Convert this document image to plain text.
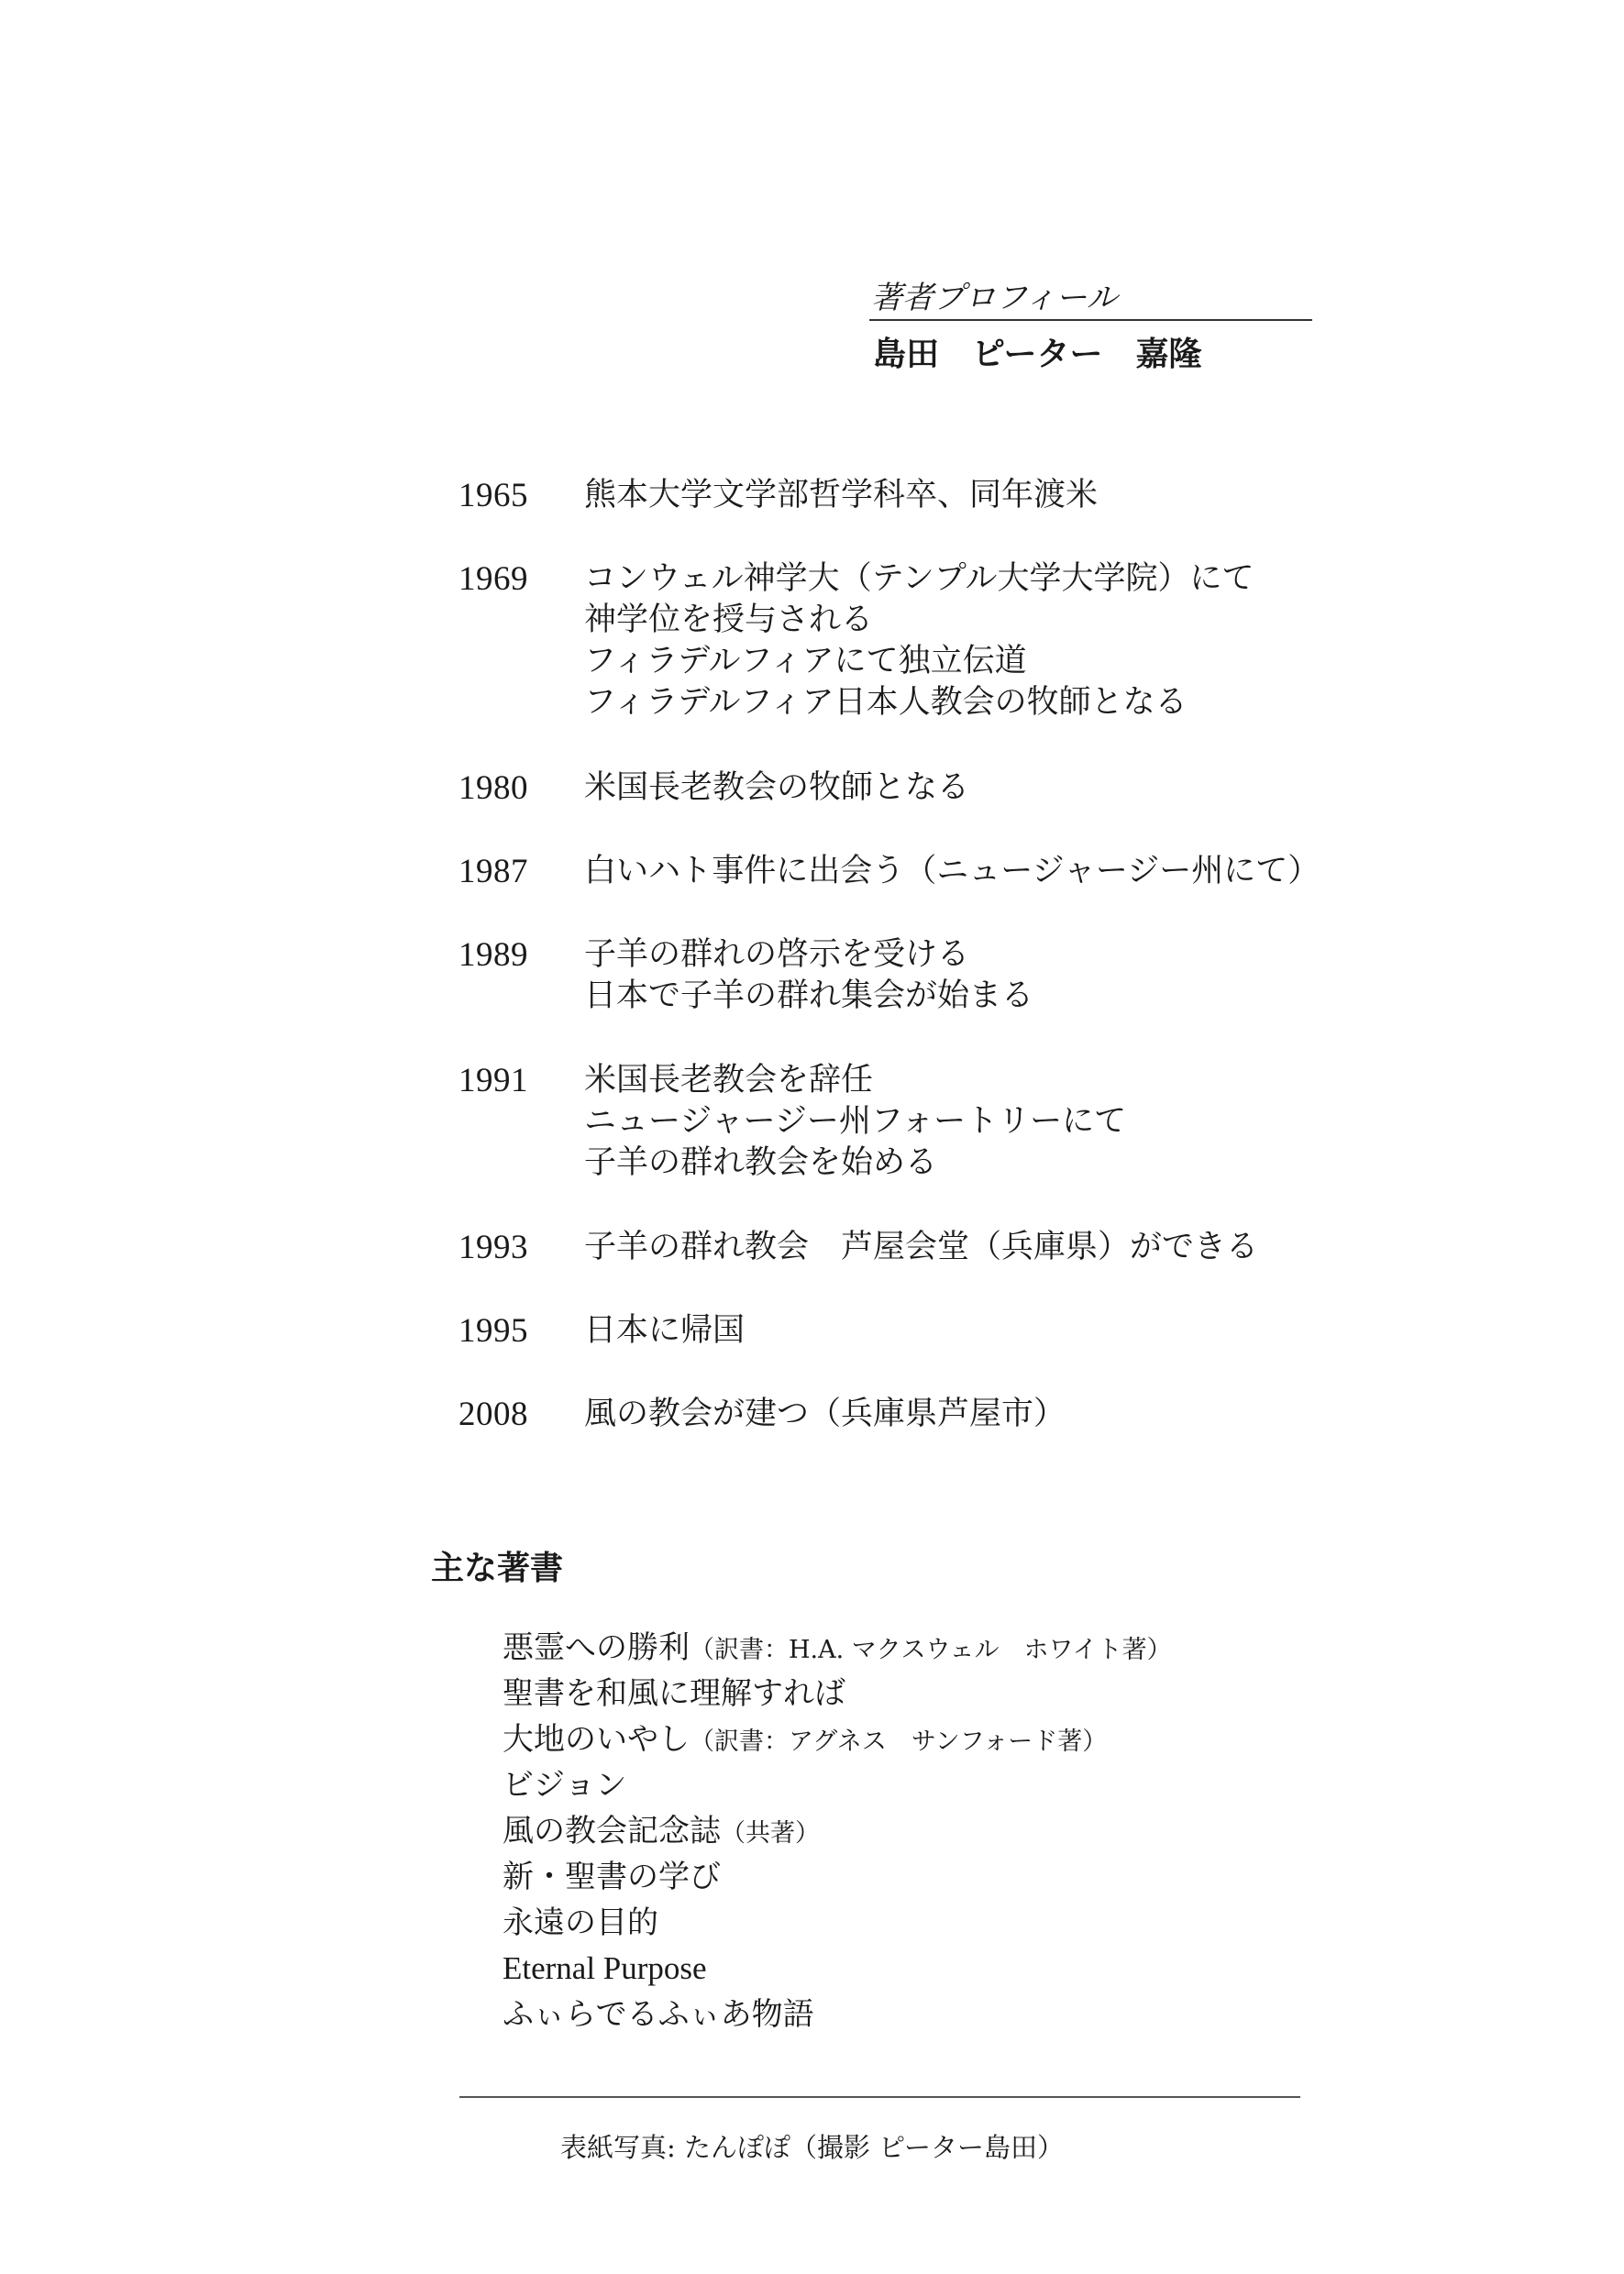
著者プロフィール
島田　ピーター　嘉隆
1965	熊本大学文学部哲学科卒、同年渡米
1969	コンウェル神学大（テンプル大学大学院）にて
神学位を授与される
フィラデルフィアにて独立伝道
フィラデルフィア日本人教会の牧師となる
1980	米国長老教会の牧師となる
1987	白いハト事件に出会う（ニュージャージー州にて）
1989	子羊の群れの啓示を受ける
日本で子羊の群れ集会が始まる
1991	米国長老教会を辞任
ニュージャージー州フォートリーにて
子羊の群れ教会を始める
1993	子羊の群れ教会　芦屋会堂（兵庫県）ができる
1995	日本に帰国
2008	風の教会が建つ（兵庫県芦屋市）
主な著書
悪霊への勝利（訳書：H.A. マクスウェル　ホワイト著）
聖書を和風に理解すれば
大地のいやし（訳書：アグネス　サンフォード著）
ビジョン
風の教会記念誌（共著）
新・聖書の学び
永遠の目的
Eternal Purpose
ふぃらでるふぃあ物語
表紙写真: たんぽぽ（撮影 ピーター島田）
